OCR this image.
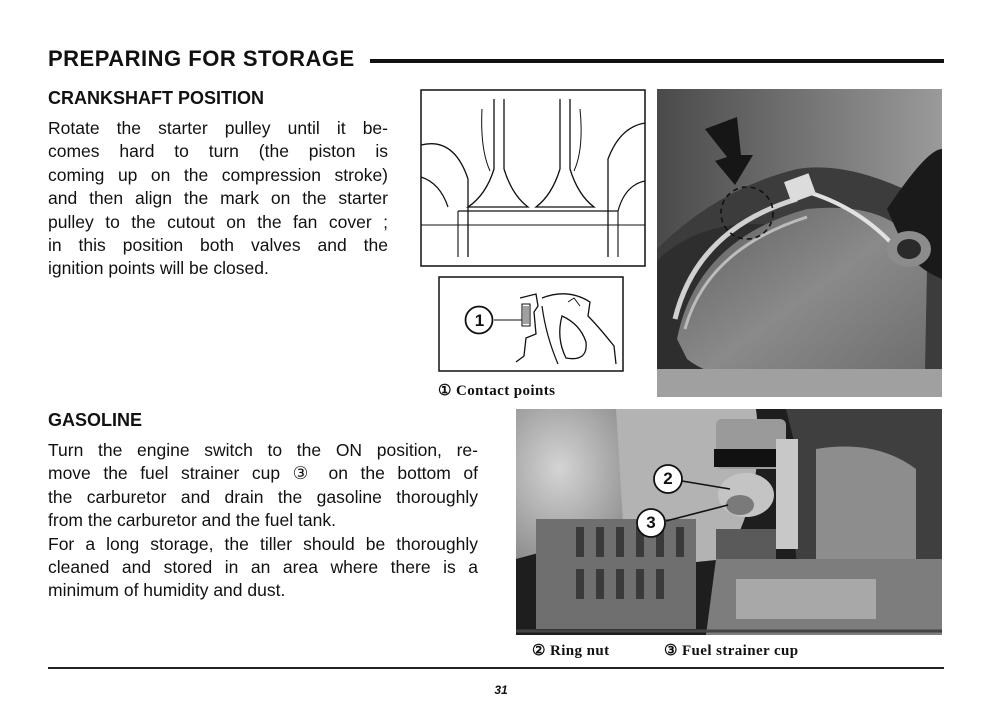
PREPARING FOR STORAGE
CRANKSHAFT POSITION
Rotate the starter pulley until it be-
comes hard to turn (the piston is
coming up on the compression stroke)
and then align the mark on the starter
pulley to the cutout on the fan cover ;
in this position both valves and the
ignition points will be closed.
1
① Contact points
GASOLINE
Turn the engine switch to the ON position, re-
move the fuel strainer cup ③ on the bottom of
the carburetor and drain the gasoline thoroughly
from the carburetor and the fuel tank.
For a long storage, the tiller should be thoroughly
cleaned and stored in an area where there is a
minimum of humidity and dust.
2
3
② Ring nut	③ Fuel strainer cup
31
